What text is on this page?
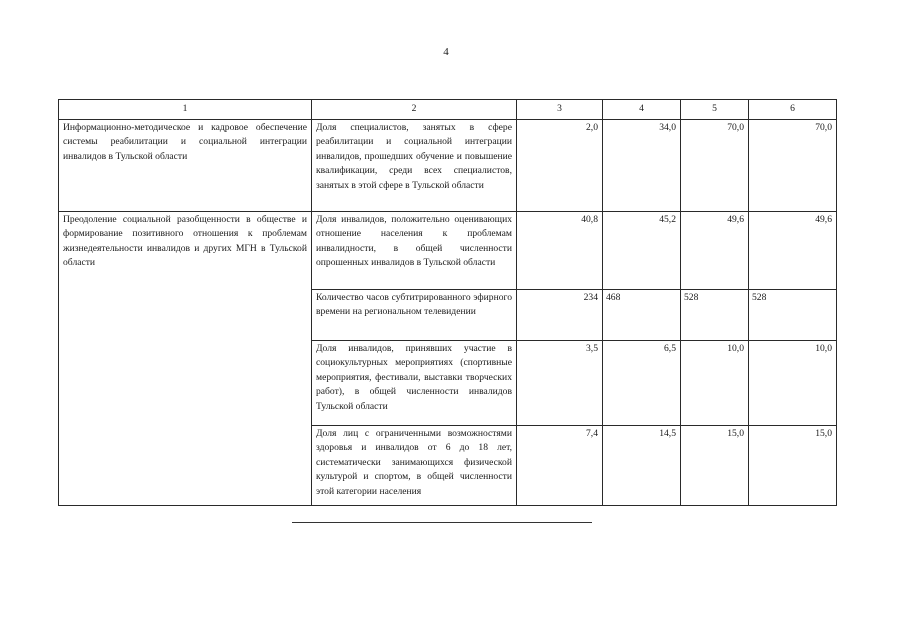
4
1	2	3	4	5	6
Информационно-методическое и кадровое обеспечение системы реабилитации и социальной интеграции инвалидов в Тульской области	Доля специалистов, занятых в сфере реабилитации и социальной интеграции инвалидов, прошедших обучение и повышение квалификации, среди всех специалистов, занятых в этой сфере в Тульской области	2,0	34,0	70,0	70,0
Преодоление социальной разобщенности в обществе и формирование позитивного отношения к проблемам жизнедеятельности инвалидов и других МГН в Тульской области	Доля инвалидов, положительно оценивающих отношение населения к проблемам инвалидности, в общей численности опрошенных инвалидов в Тульской области	40,8	45,2	49,6	49,6
	Количество часов субтитрированного эфирного времени на региональном телевидении	234	468	528	528
	Доля инвалидов, принявших участие в социокультурных мероприятиях (спортивные мероприятия, фестивали, выставки творческих работ), в общей численности инвалидов Тульской области	3,5	6,5	10,0	10,0
	Доля лиц с ограниченными возможностями здоровья и инвалидов от 6 до 18 лет, систематически занимающихся физической культурой и спортом, в общей численности этой категории населения	7,4	14,5	15,0	15,0
